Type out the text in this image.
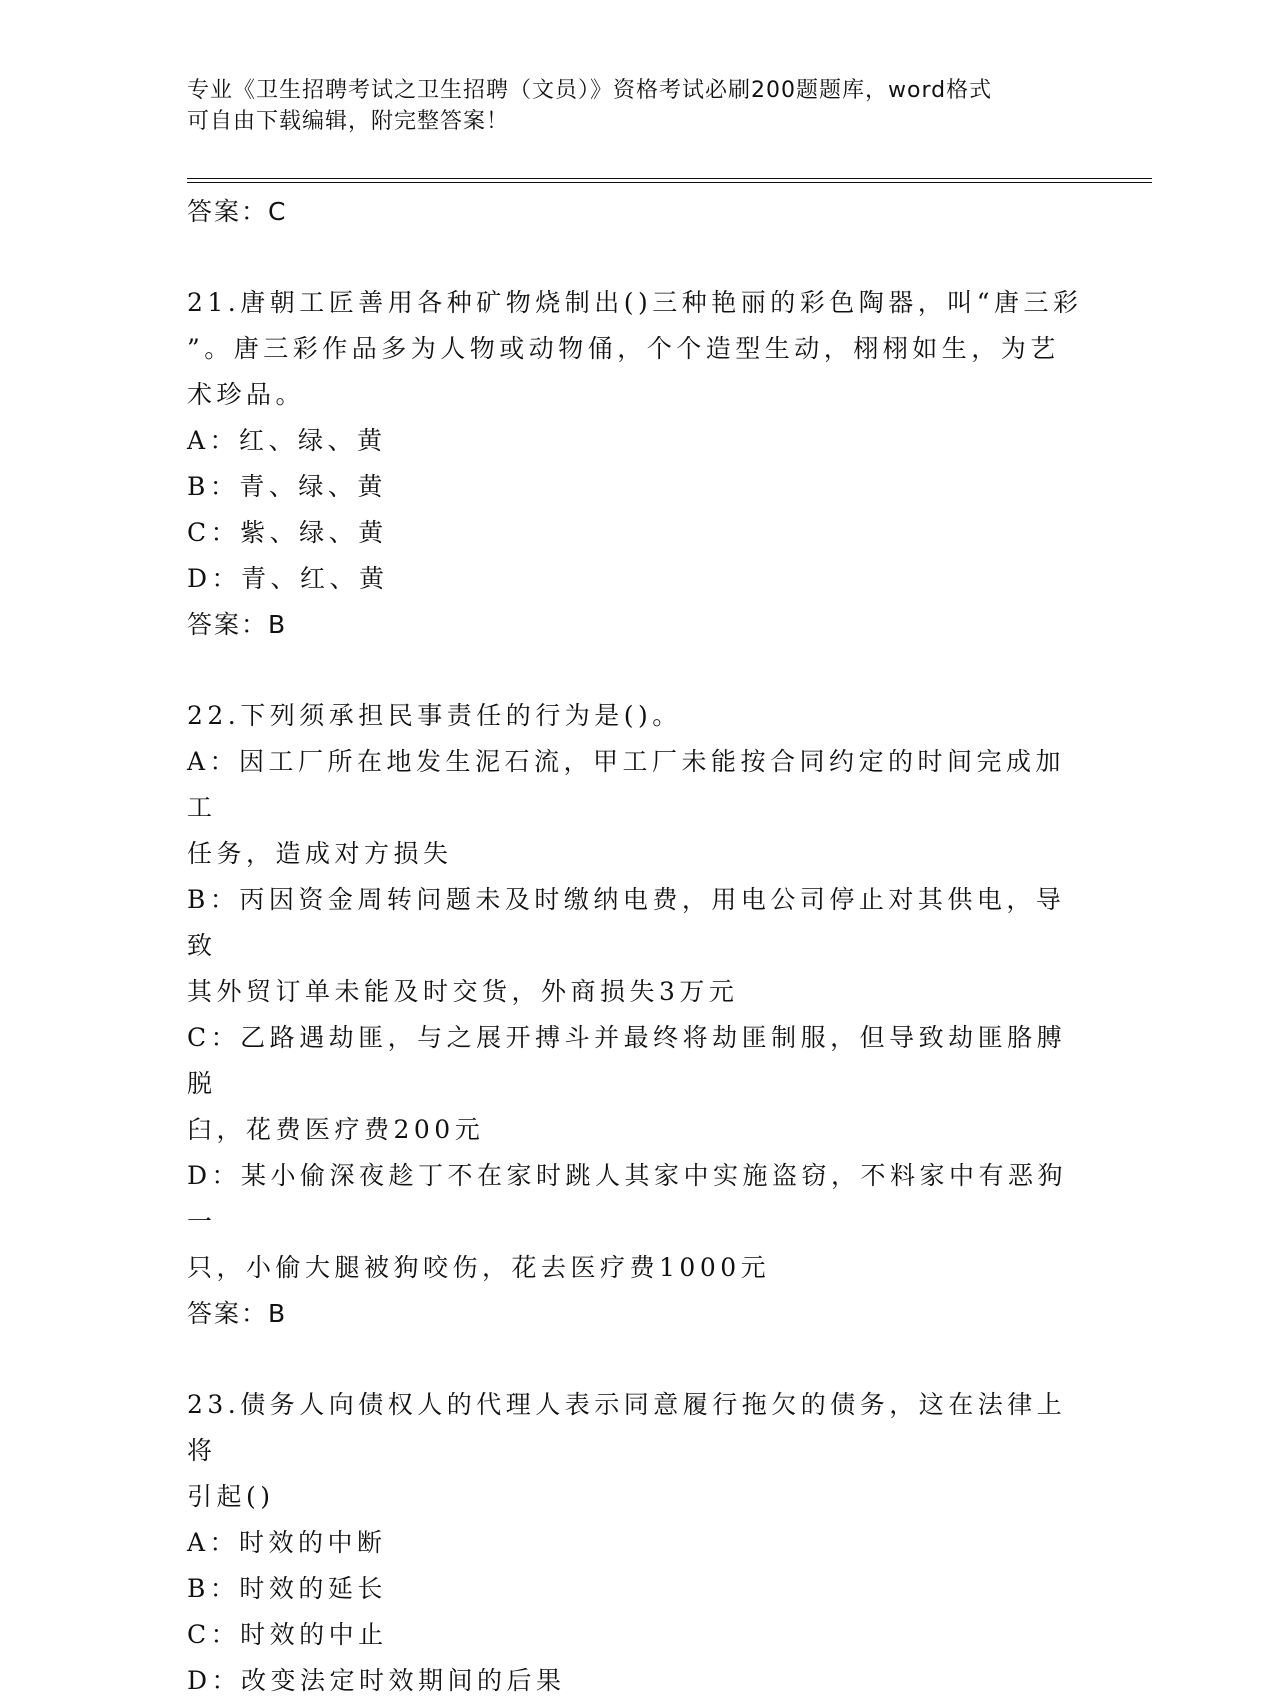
专业《卫生招聘考试之卫生招聘（文员）》资格考试必刷200题题库，word格式
可自由下载编辑，附完整答案！
答案：C
21.唐朝工匠善用各种矿物烧制出()三种艳丽的彩色陶器，叫“唐三彩
”。唐三彩作品多为人物或动物俑，个个造型生动，栩栩如生，为艺
术珍品。
A：红、绿、黄
B：青、绿、黄
C：紫、绿、黄
D：青、红、黄
答案：B
22.下列须承担民事责任的行为是()。
A：因工厂所在地发生泥石流，甲工厂未能按合同约定的时间完成加工
任务，造成对方损失
B：丙因资金周转问题未及时缴纳电费，用电公司停止对其供电，导致
其外贸订单未能及时交货，外商损失3万元
C：乙路遇劫匪，与之展开搏斗并最终将劫匪制服，但导致劫匪胳膊脱
臼，花费医疗费200元
D：某小偷深夜趁丁不在家时跳人其家中实施盗窃，不料家中有恶狗一
只，小偷大腿被狗咬伤，花去医疗费1000元
答案：B
23.债务人向债权人的代理人表示同意履行拖欠的债务，这在法律上将
引起()
A：时效的中断
B：时效的延长
C：时效的中止
D：改变法定时效期间的后果
